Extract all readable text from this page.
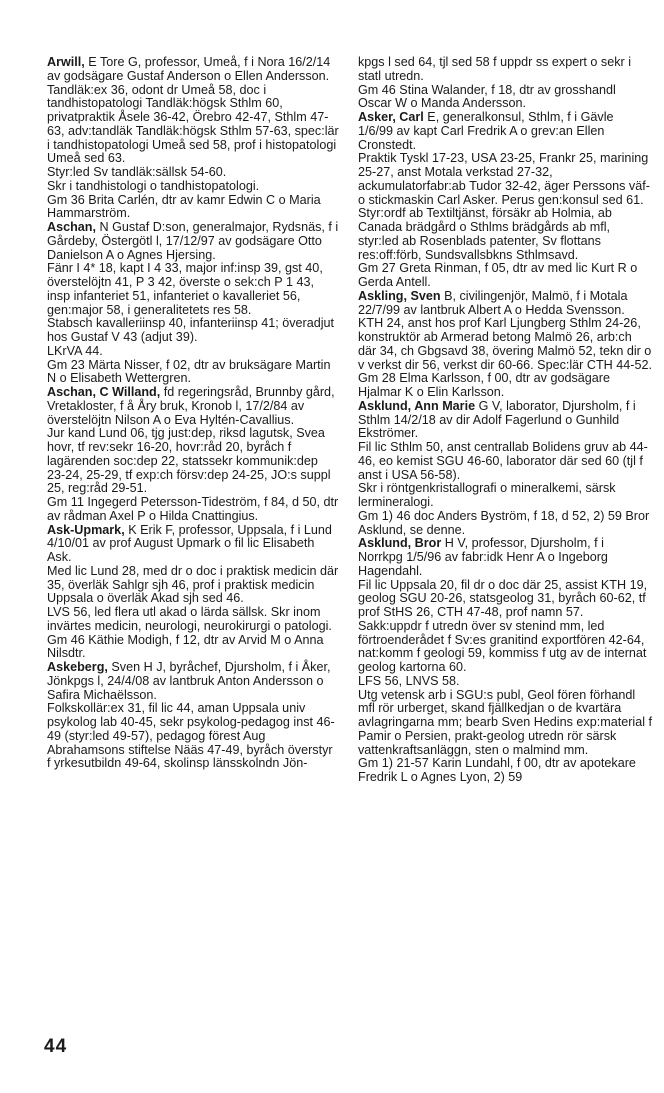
Arwill, E Tore G, professor, Umeå, f i Nora 16/2/14 av godsägare Gustaf Anderson o Ellen Andersson.

Tandläk:ex 36, odont dr Umeå 58, doc i tandhistopatologi Tandläk:högsk Sthlm 60, privatpraktik Åsele 36-42, Örebro 42-47, Sthlm 47-63, adv:tandläk Tandläk:högsk Sthlm 57-63, spec:lär i tandhistopatologi Umeå sed 58, prof i histopatologi Umeå sed 63.

Styr:led Sv tandläk:sällsk 54-60.

Skr i tandhistologi o tandhistopatologi.

Gm 36 Brita Carlén, dtr av kamr Edwin C o Maria Hammarström.

Aschan, N Gustaf D:son, generalmajor, Rydsnäs, f i Gårdeby, Östergötl l, 17/12/97 av godsägare Otto Danielson A o Agnes Hjersing.

Fänr I 4* 18, kapt I 4 33, major inf:insp 39, gst 40, överstelöjtn 41, P 3 42, överste o sek:ch P 1 43, insp infanteriet 51, infanteriet o kavalleriet 56, gen:major 58, i generalitetets res 58.

Stabsch kavalleriinsp 40, infanteriinsp 41; överadjut hos Gustaf V 43 (adjut 39).

LKrVA 44.

Gm 23 Märta Nisser, f 02, dtr av bruksägare Martin N o Elisabeth Wettergren.

Aschan, C Willand, fd regeringsråd, Brunnby gård, Vretakloster, f å Åry bruk, Kronob l, 17/2/84 av överstelöjtn Nilson A o Eva Hyltén-Cavallius.

Jur kand Lund 06, tjg just:dep, riksd lagutsk, Svea hovr, tf rev:sekr 16-20, hovr:råd 20, byråch f lagärenden soc:dep 22, statssekr kommunik:dep 23-24, 25-29, tf exp:ch försv:dep 24-25, JO:s suppl 25, reg:råd 29-51.

Gm 11 Ingegerd Petersson-Tideström, f 84, d 50, dtr av rådman Axel P o Hilda Cnattingius.

Ask-Upmark, K Erik F, professor, Uppsala, f i Lund 4/10/01 av prof August Upmark o fil lic Elisabeth Ask.

Med lic Lund 28, med dr o doc i praktisk medicin där 35, överläk Sahlgr sjh 46, prof i praktisk medicin Uppsala o överläk Akad sjh sed 46.

LVS 56, led flera utl akad o lärda sällsk. Skr inom invärtes medicin, neurologi, neurokirurgi o patologi.

Gm 46 Käthie Modigh, f 12, dtr av Arvid M o Anna Nilsdtr.

Askeberg, Sven H J, byråchef, Djursholm, f i Åker, Jönkpgs l, 24/4/08 av lantbruk Anton Andersson o Safira Michaëlsson.

Folkskollär:ex 31, fil lic 44, aman Uppsala univ psykolog lab 40-45, sekr psykolog-pedagog inst 46-49 (styr:led 49-57), pedagog förest Aug Abrahamsons stiftelse Nääs 47-49, byråch överstyr f yrkesutbildn 49-64, skolinsp länsskolndn Jön-

kpgs l sed 64, tjl sed 58 f uppdr ss expert o sekr i statl utredn.

Gm 46 Stina Walander, f 18, dtr av grosshandl Oscar W o Manda Andersson.

Asker, Carl E, generalkonsul, Sthlm, f i Gävle 1/6/99 av kapt Carl Fredrik A o grev:an Ellen Cronstedt.

Praktik Tyskl 17-23, USA 23-25, Frankr 25, marining 25-27, anst Motala verkstad 27-32, ackumulatorfabr:ab Tudor 32-42, äger Perssons väf- o stickmaskin Carl Asker. Perus gen:konsul sed 61.

Styr:ordf ab Textiltjänst, försäkr ab Holmia, ab Canada brädgård o Sthlms brädgårds ab mfl, styr:led ab Rosenblads patenter, Sv flottans res:off:förb, Sundsvallsbkns Sthlmsavd.

Gm 27 Greta Rinman, f 05, dtr av med lic Kurt R o Gerda Antell.

Askling, Sven B, civilingenjör, Malmö, f i Motala 22/7/99 av lantbruk Albert A o Hedda Svensson.

KTH 24, anst hos prof Karl Ljungberg Sthlm 24-26, konstruktör ab Armerad betong Malmö 26, arb:ch där 34, ch Gbgsavd 38, övering Malmö 52, tekn dir o v verkst dir 56, verkst dir 60-66. Spec:lär CTH 44-52.

Gm 28 Elma Karlsson, f 00, dtr av godsägare Hjalmar K o Elin Karlsson.

Asklund, Ann Marie G V, laborator, Djursholm, f i Sthlm 14/2/18 av dir Adolf Fagerlund o Gunhild Ekströmer.

Fil lic Sthlm 50, anst centrallab Bolidens gruv ab 44-46, eo kemist SGU 46-60, laborator där sed 60 (tjl f anst i USA 56-58).

Skr i röntgenkristallografi o mineralkemi, särsk lermineralogi.

Gm 1) 46 doc Anders Byström, f 18, d 52, 2) 59 Bror Asklund, se denne.

Asklund, Bror H V, professor, Djursholm, f i Norrkpg 1/5/96 av fabr:idk Henr A o Ingeborg Hagendahl.

Fil lic Uppsala 20, fil dr o doc där 25, assist KTH 19, geolog SGU 20-26, statsgeolog 31, byråch 60-62, tf prof StHS 26, CTH 47-48, prof namn 57.

Sakk:uppdr f utredn över sv stenind mm, led förtroenderådet f Sv:es granitind exportfören 42-64, nat:komm f geologi 59, kommiss f utg av de internat geolog kartorna 60.

LFS 56, LNVS 58.

Utg vetensk arb i SGU:s publ, Geol fören förhandl mfl rör urberget, skand fjällkedjan o de kvartära avlagringarna mm; bearb Sven Hedins exp:material f Pamir o Persien, prakt-geolog utredn rör särsk vattenkraftsanläggn, sten o malmind mm.

Gm 1) 21-57 Karin Lundahl, f 00, dtr av apotekare Fredrik L o Agnes Lyon, 2) 59

44
